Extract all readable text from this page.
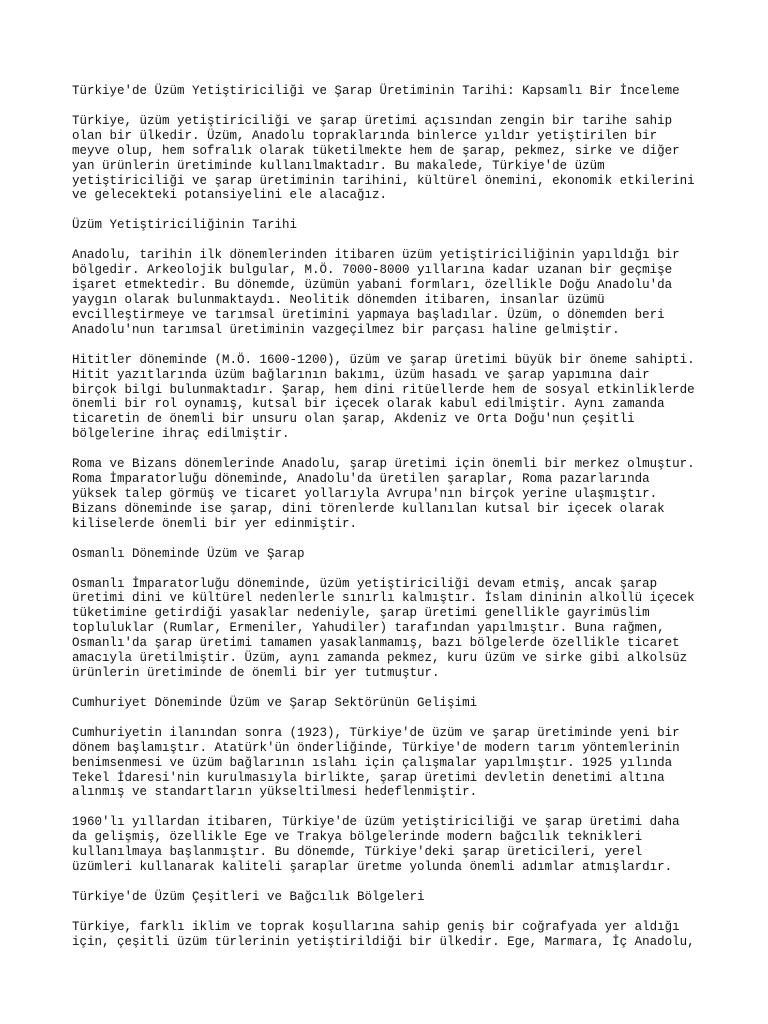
Türkiye'de Üzüm Yetiştiriciliği ve Şarap Üretiminin Tarihi: Kapsamlı Bir İnceleme

Türkiye, üzüm yetiştiriciliği ve şarap üretimi açısından zengin bir tarihe sahip
olan bir ülkedir. Üzüm, Anadolu topraklarında binlerce yıldır yetiştirilen bir
meyve olup, hem sofralık olarak tüketilmekte hem de şarap, pekmez, sirke ve diğer
yan ürünlerin üretiminde kullanılmaktadır. Bu makalede, Türkiye'de üzüm
yetiştiriciliği ve şarap üretiminin tarihini, kültürel önemini, ekonomik etkilerini
ve gelecekteki potansiyelini ele alacağız.

Üzüm Yetiştiriciliğinin Tarihi

Anadolu, tarihin ilk dönemlerinden itibaren üzüm yetiştiriciliğinin yapıldığı bir
bölgedir. Arkeolojik bulgular, M.Ö. 7000-8000 yıllarına kadar uzanan bir geçmişe
işaret etmektedir. Bu dönemde, üzümün yabani formları, özellikle Doğu Anadolu'da
yaygın olarak bulunmaktaydı. Neolitik dönemden itibaren, insanlar üzümü
evcilleştirmeye ve tarımsal üretimini yapmaya başladılar. Üzüm, o dönemden beri
Anadolu'nun tarımsal üretiminin vazgeçilmez bir parçası haline gelmiştir.

Hititler döneminde (M.Ö. 1600-1200), üzüm ve şarap üretimi büyük bir öneme sahipti.
Hitit yazıtlarında üzüm bağlarının bakımı, üzüm hasadı ve şarap yapımına dair
birçok bilgi bulunmaktadır. Şarap, hem dini ritüellerde hem de sosyal etkinliklerde
önemli bir rol oynamış, kutsal bir içecek olarak kabul edilmiştir. Aynı zamanda
ticaretin de önemli bir unsuru olan şarap, Akdeniz ve Orta Doğu'nun çeşitli
bölgelerine ihraç edilmiştir.

Roma ve Bizans dönemlerinde Anadolu, şarap üretimi için önemli bir merkez olmuştur.
Roma İmparatorluğu döneminde, Anadolu'da üretilen şaraplar, Roma pazarlarında
yüksek talep görmüş ve ticaret yollarıyla Avrupa'nın birçok yerine ulaşmıştır.
Bizans döneminde ise şarap, dini törenlerde kullanılan kutsal bir içecek olarak
kiliselerde önemli bir yer edinmiştir.

Osmanlı Döneminde Üzüm ve Şarap

Osmanlı İmparatorluğu döneminde, üzüm yetiştiriciliği devam etmiş, ancak şarap
üretimi dini ve kültürel nedenlerle sınırlı kalmıştır. İslam dininin alkollü içecek
tüketimine getirdiği yasaklar nedeniyle, şarap üretimi genellikle gayrimüslim
topluluklar (Rumlar, Ermeniler, Yahudiler) tarafından yapılmıştır. Buna rağmen,
Osmanlı'da şarap üretimi tamamen yasaklanmamış, bazı bölgelerde özellikle ticaret
amacıyla üretilmiştir. Üzüm, aynı zamanda pekmez, kuru üzüm ve sirke gibi alkolsüz
ürünlerin üretiminde de önemli bir yer tutmuştur.

Cumhuriyet Döneminde Üzüm ve Şarap Sektörünün Gelişimi

Cumhuriyetin ilanından sonra (1923), Türkiye'de üzüm ve şarap üretiminde yeni bir
dönem başlamıştır. Atatürk'ün önderliğinde, Türkiye'de modern tarım yöntemlerinin
benimsenmesi ve üzüm bağlarının ıslahı için çalışmalar yapılmıştır. 1925 yılında
Tekel İdaresi'nin kurulmasıyla birlikte, şarap üretimi devletin denetimi altına
alınmış ve standartların yükseltilmesi hedeflenmiştir.

1960'lı yıllardan itibaren, Türkiye'de üzüm yetiştiriciliği ve şarap üretimi daha
da gelişmiş, özellikle Ege ve Trakya bölgelerinde modern bağcılık teknikleri
kullanılmaya başlanmıştır. Bu dönemde, Türkiye'deki şarap üreticileri, yerel
üzümleri kullanarak kaliteli şaraplar üretme yolunda önemli adımlar atmışlardır.

Türkiye'de Üzüm Çeşitleri ve Bağcılık Bölgeleri

Türkiye, farklı iklim ve toprak koşullarına sahip geniş bir coğrafyada yer aldığı
için, çeşitli üzüm türlerinin yetiştirildiği bir ülkedir. Ege, Marmara, İç Anadolu,
